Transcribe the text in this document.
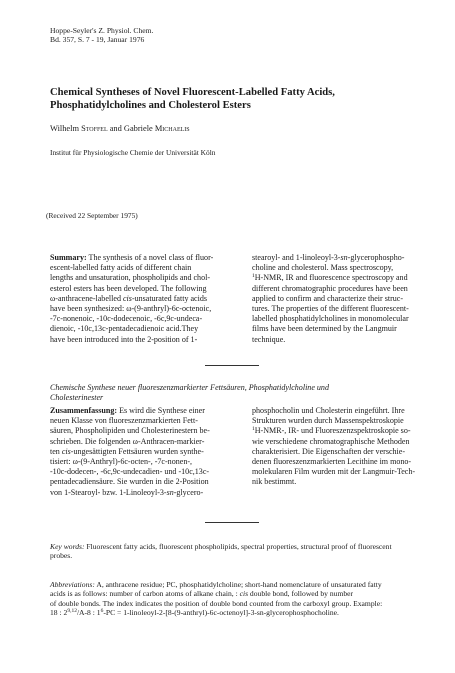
Hoppe-Seyler's Z. Physiol. Chem.
Bd. 357, S. 7 - 19, Januar 1976
Chemical Syntheses of Novel Fluorescent-Labelled Fatty Acids,
Phosphatidylcholines and Cholesterol Esters
Wilhelm Stoffel and Gabriele Michaelis
Institut für Physiologische Chemie der Universität Köln
(Received 22 September 1975)
Summary: The synthesis of a novel class of fluor-
escent-labelled fatty acids of different chain
lengths and unsaturation, phospholipids and chol-
esterol esters has been developed. The following
ω-anthracene-labelled cis-unsaturated fatty acids
have been synthesized: ω-(9-anthryl)-6c-octenoic,
-7c-nonenoic, -10c-dodecenoic, -6c,9c-undeca-
dienoic, -10c,13c-pentadecadienoic acid.They
have been introduced into the 2-position of 1-
stearoyl- and 1-linoleoyl-3-sn-glycerophospho-
choline and cholesterol. Mass spectroscopy,
$^1$H-NMR, IR and fluorescence spectroscopy and
different chromatographic procedures have been
applied to confirm and characterize their struc-
tures. The properties of the different fluorescent-
labelled phosphatidylcholines in monomolecular
films have been determined by the Langmuir
technique.
Chemische Synthese neuer fluoreszenzmarkierter Fettsäuren, Phosphatidylcholine und
Cholesterinester
Zusammenfassung: Es wird die Synthese einer
neuen Klasse von fluoreszenzmarkierten Fett-
säuren, Phospholipiden und Cholesterinestern be-
schrieben. Die folgenden ω-Anthracen-markier-
ten cis-ungesättigten Fettsäuren wurden synthe-
tisiert: ω-(9-Anthryl)-6c-octen-, -7c-nonen-,
-10c-dodecen-, -6c,9c-undecadien- und -10c,13c-
pentadecadiensäure. Sie wurden in die 2-Position
von 1-Stearoyl- bzw. 1-Linoleoyl-3-sn-glycero-
phosphocholin und Cholesterin eingeführt. Ihre
Strukturen wurden durch Massenspektroskopie
$^1$H-NMR-, IR- und Fluoreszenzspektroskopie so-
wie verschiedene chromatographische Methoden
charakterisiert. Die Eigenschaften der verschie-
denen fluoreszenzmarkierten Lecithine im mono-
molekularen Film wurden mit der Langmuir-Tech-
nik bestimmt.
Key words: Fluorescent fatty acids, fluorescent phospholipids, spectral properties, structural proof of fluorescent
probes.
Abbreviations: A, anthracene residue; PC, phosphatidylcholine; short-hand nomenclature of unsaturated fatty
acids is as follows: number of carbon atoms of alkane chain, : cis double bond, followed by number
of double bonds. The index indicates the position of double bond counted from the carboxyl group. Example:
18 : 2$^{9,12}$/A-8 : $1^6-PC$ = 1-linoleoyl-2-[8-(9-anthryl)-6c-octenoyl]-3-sn-glycerophosphocholine.
